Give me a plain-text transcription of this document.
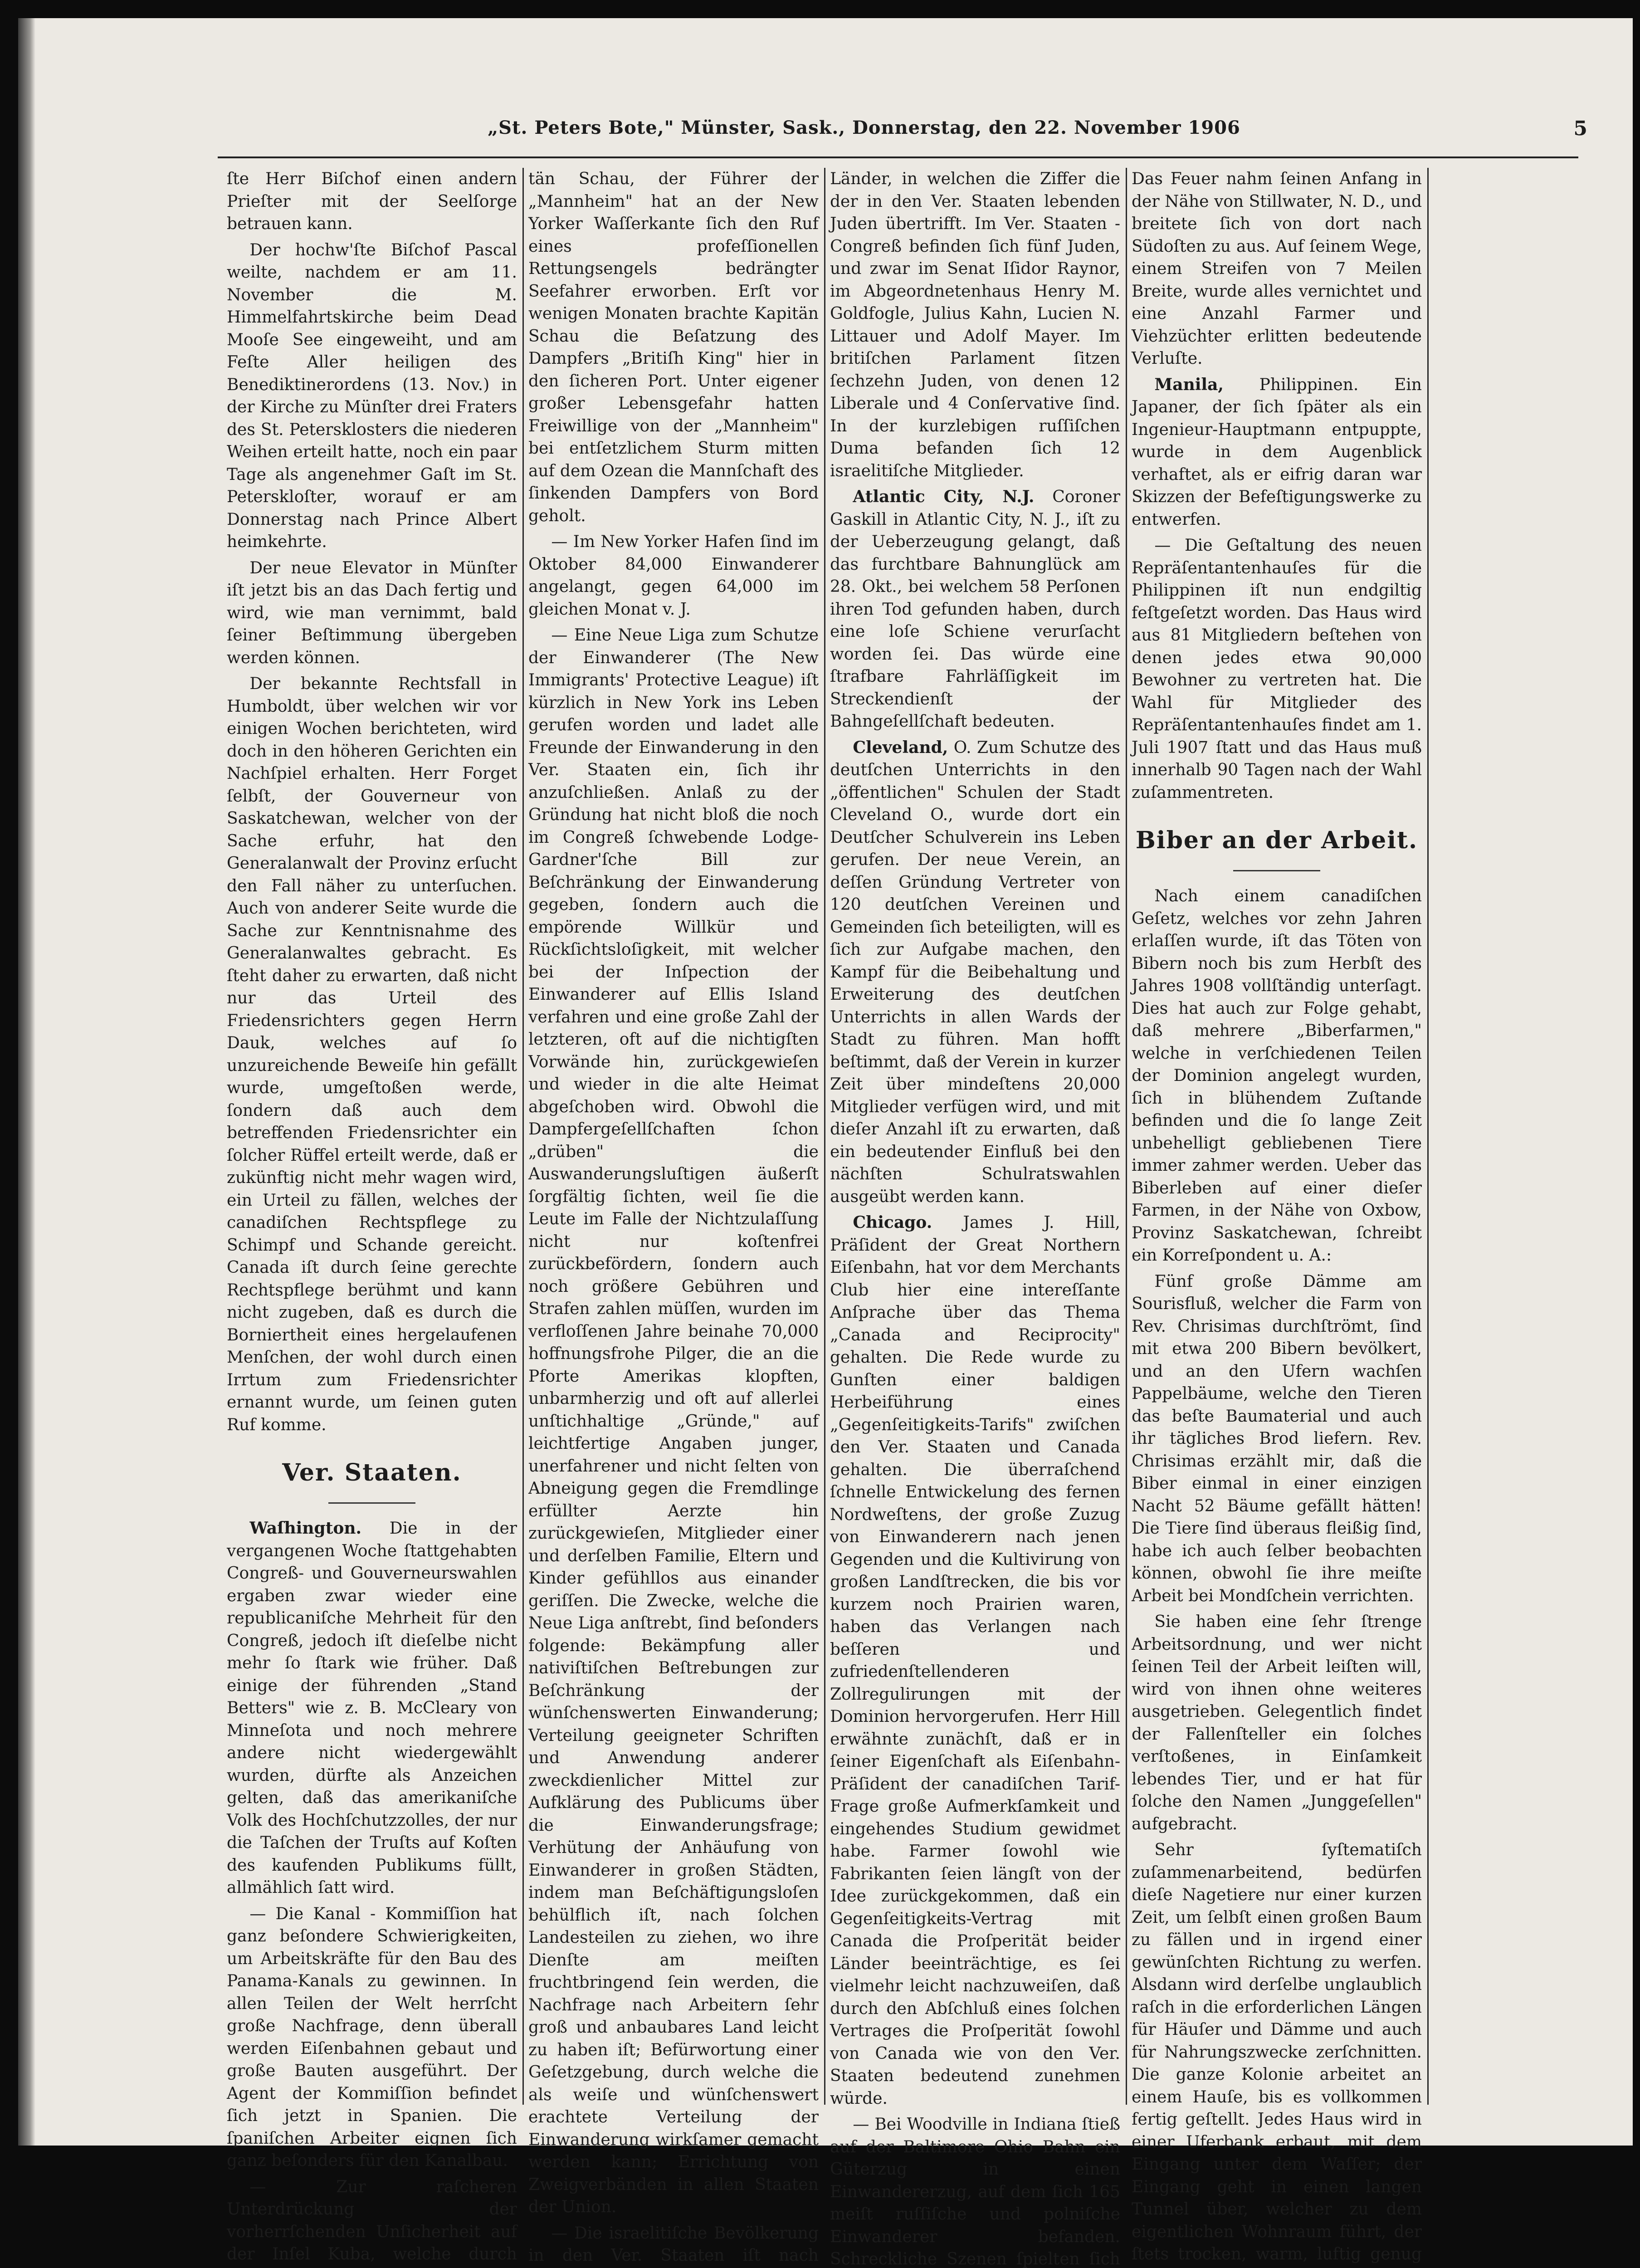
„St. Peters Bote," Münster, Sask., Donnerstag, den 22. November 1906	5

ſte Herr Biſchof einen andern Prieſter mit der Seelſorge betrauen kann.

Der hochw'ſte Biſchof Pascal weilte, nachdem er am 11. November die M. Himmelfahrtskirche beim Dead Mooſe See eingeweiht, und am Feſte Aller heiligen des Benediktinerordens (13. Nov.) in der Kirche zu Münſter drei Fraters des St. Petersklosters die niederen Weihen erteilt hatte, noch ein paar Tage als angenehmer Gaſt im St. Peterskloſter, worauf er am Donnerstag nach Prince Albert heimkehrte.

Der neue Elevator in Münſter iſt jetzt bis an das Dach fertig und wird, wie man vernimmt, bald ſeiner Beſtimmung übergeben werden können.

Der bekannte Rechtsfall in Humboldt, über welchen wir vor einigen Wochen berichteten, wird doch in den höheren Gerichten ein Nachſpiel erhalten. Herr Forget ſelbſt, der Gouverneur von Saskatchewan, welcher von der Sache erfuhr, hat den Generalanwalt der Provinz erſucht den Fall näher zu unterſuchen. Auch von anderer Seite wurde die Sache zur Kenntnisnahme des Generalanwaltes gebracht. Es ſteht daher zu erwarten, daß nicht nur das Urteil des Friedensrichters gegen Herrn Dauk, welches auf ſo unzureichende Beweiſe hin gefällt wurde, umgeſtoßen werde, ſondern daß auch dem betreffenden Friedensrichter ein ſolcher Rüffel erteilt werde, daß er zukünftig nicht mehr wagen wird, ein Urteil zu fällen, welches der canadiſchen Rechtspflege zu Schimpf und Schande gereicht. Canada iſt durch ſeine gerechte Rechtspflege berühmt und kann nicht zugeben, daß es durch die Borniertheit eines hergelaufenen Menſchen, der wohl durch einen Irrtum zum Friedensrichter ernannt wurde, um ſeinen guten Ruf komme.

Ver. Staaten.

Waſhington. Die in der vergangenen Woche ſtattgehabten Congreß- und Gouverneurswahlen ergaben zwar wieder eine republicaniſche Mehrheit für den Congreß, jedoch iſt dieſelbe nicht mehr ſo ſtark wie früher. Daß einige der führenden „Stand Betters" wie z. B. McCleary von Minneſota und noch mehrere andere nicht wiedergewählt wurden, dürfte als Anzeichen gelten, daß das amerikaniſche Volk des Hochſchutzzolles, der nur die Taſchen der Truſts auf Koſten des kaufenden Publikums füllt, allmählich ſatt wird.

— Die Kanal - Kommiſſion hat ganz beſondere Schwierigkeiten, um Arbeitskräfte für den Bau des Panama-Kanals zu gewinnen. In allen Teilen der Welt herrſcht große Nachfrage, denn überall werden Eiſenbahnen gebaut und große Bauten ausgeführt. Der Agent der Kommiſſion befindet ſich jetzt in Spanien. Die ſpaniſchen Arbeiter eignen ſich ganz beſonders für den Kanalbau.

— Zur raſcheren Unterdrückung der vorherrſchenden Unſicherheit auf der Inſel Kuba, welche durch

tän Schau, der Führer der „Mannheim" hat an der New Yorker Waſſerkante ſich den Ruf eines profeſſionellen Rettungsengels bedrängter Seefahrer erworben. Erſt vor wenigen Monaten brachte Kapitän Schau die Beſatzung des Dampfers „Britiſh King" hier in den ſicheren Port. Unter eigener großer Lebensgefahr hatten Freiwillige von der „Mannheim" bei entſetzlichem Sturm mitten auf dem Ozean die Mannſchaft des ſinkenden Dampfers von Bord geholt.

— Im New Yorker Hafen ſind im Oktober 84,000 Einwanderer angelangt, gegen 64,000 im gleichen Monat v. J.

— Eine Neue Liga zum Schutze der Einwanderer (The New Immigrants' Protective League) iſt kürzlich in New York ins Leben gerufen worden und ladet alle Freunde der Einwanderung in den Ver. Staaten ein, ſich ihr anzuſchließen. Anlaß zu der Gründung hat nicht bloß die noch im Congreß ſchwebende Lodge-Gardner'ſche Bill zur Beſchränkung der Einwanderung gegeben, ſondern auch die empörende Willkür und Rückſichtsloſigkeit, mit welcher bei der Inſpection der Einwanderer auf Ellis Island verfahren und eine große Zahl der letzteren, oft auf die nichtigſten Vorwände hin, zurückgewieſen und wieder in die alte Heimat abgeſchoben wird. Obwohl die Dampfergeſellſchaften ſchon „drüben" die Auswanderungsluſtigen äußerſt ſorgfältig ſichten, weil ſie die Leute im Falle der Nichtzulaſſung nicht nur koſtenfrei zurückbefördern, ſondern auch noch größere Gebühren und Strafen zahlen müſſen, wurden im verfloſſenen Jahre beinahe 70,000 hoffnungsfrohe Pilger, die an die Pforte Amerikas klopften, unbarmherzig und oft auf allerlei unſtichhaltige „Gründe," auf leichtfertige Angaben junger, unerfahrener und nicht ſelten von Abneigung gegen die Fremdlinge erfüllter Aerzte hin zurückgewieſen, Mitglieder einer und derſelben Familie, Eltern und Kinder gefühllos aus einander geriſſen. Die Zwecke, welche die Neue Liga anſtrebt, ſind beſonders folgende: Bekämpfung aller nativiſtiſchen Beſtrebungen zur Beſchränkung der wünſchenswerten Einwanderung; Verteilung geeigneter Schriften und Anwendung anderer zweckdienlicher Mittel zur Aufklärung des Publicums über die Einwanderungsfrage; Verhütung der Anhäufung von Einwanderer in großen Städten, indem man Beſchäftigungsloſen behülflich iſt, nach ſolchen Landesteilen zu ziehen, wo ihre Dienſte am meiſten fruchtbringend ſein werden, die Nachfrage nach Arbeitern ſehr groß und anbaubares Land leicht zu haben iſt; Befürwortung einer Geſetzgebung, durch welche die als weiſe und wünſchenswert erachtete Verteilung der Einwanderung wirkſamer gemacht werden kann; Errichtung von Zweigverbänden in allen Staaten der Union.

— Die israelitiſche Bevölkerung in den Ver. Staaten iſt nach

Länder, in welchen die Ziffer die der in den Ver. Staaten lebenden Juden übertrifft. Im Ver. Staaten - Congreß befinden ſich fünf Juden, und zwar im Senat Iſidor Raynor, im Abgeordnetenhaus Henry M. Goldfogle, Julius Kahn, Lucien N. Littauer und Adolf Mayer. Im britiſchen Parlament ſitzen ſechzehn Juden, von denen 12 Liberale und 4 Conſervative ſind. In der kurzlebigen ruſſiſchen Duma befanden ſich 12 israelitiſche Mitglieder.

Atlantic City, N.J. Coroner Gaskill in Atlantic City, N. J., iſt zu der Ueberzeugung gelangt, daß das furchtbare Bahnunglück am 28. Okt., bei welchem 58 Perſonen ihren Tod gefunden haben, durch eine loſe Schiene verurſacht worden ſei. Das würde eine ſtrafbare Fahrläſſigkeit im Streckendienſt der Bahngeſellſchaft bedeuten.

Cleveland, O. Zum Schutze des deutſchen Unterrichts in den „öffentlichen" Schulen der Stadt Cleveland O., wurde dort ein Deutſcher Schulverein ins Leben gerufen. Der neue Verein, an deſſen Gründung Vertreter von 120 deutſchen Vereinen und Gemeinden ſich beteiligten, will es ſich zur Aufgabe machen, den Kampf für die Beibehaltung und Erweiterung des deutſchen Unterrichts in allen Wards der Stadt zu führen. Man hofft beſtimmt, daß der Verein in kurzer Zeit über mindeſtens 20,000 Mitglieder verfügen wird, und mit dieſer Anzahl iſt zu erwarten, daß ein bedeutender Einfluß bei den nächſten Schulratswahlen ausgeübt werden kann.

Chicago. James J. Hill, Präſident der Great Northern Eiſenbahn, hat vor dem Merchants Club hier eine intereſſante Anſprache über das Thema „Canada and Reciprocity" gehalten. Die Rede wurde zu Gunſten einer baldigen Herbeiführung eines „Gegenſeitigkeits-Tarifs" zwiſchen den Ver. Staaten und Canada gehalten. Die überraſchend ſchnelle Entwickelung des fernen Nordweſtens, der große Zuzug von Einwanderern nach jenen Gegenden und die Kultivirung von großen Landſtrecken, die bis vor kurzem noch Prairien waren, haben das Verlangen nach beſſeren und zufriedenſtellenderen Zollregulirungen mit der Dominion hervorgerufen. Herr Hill erwähnte zunächſt, daß er in ſeiner Eigenſchaft als Eiſenbahn-Präſident der canadiſchen Tarif-Frage große Aufmerkſamkeit und eingehendes Studium gewidmet habe. Farmer ſowohl wie Fabrikanten ſeien längſt von der Idee zurückgekommen, daß ein Gegenſeitigkeits-Vertrag mit Canada die Proſperität beider Länder beeinträchtige, es ſei vielmehr leicht nachzuweiſen, daß durch den Abſchluß eines ſolchen Vertrages die Proſperität ſowohl von Canada wie von den Ver. Staaten bedeutend zunehmen würde.

— Bei Woodville in Indiana ſtieß auf der Baltimore Ohio Bahn ein Güterzug in einen Einwandererzug, auf dem ſich 165 meiſt ruſſiſche und polniſche Einwanderer befanden. Schreckliche Szenen ſpielten ſich

Das Feuer nahm ſeinen Anfang in der Nähe von Stillwater, N. D., und breitete ſich von dort nach Südoſten zu aus. Auf ſeinem Wege, einem Streifen von 7 Meilen Breite, wurde alles vernichtet und eine Anzahl Farmer und Viehzüchter erlitten bedeutende Verluſte.

Manila, Philippinen. Ein Japaner, der ſich ſpäter als ein Ingenieur-Hauptmann entpuppte, wurde in dem Augenblick verhaftet, als er eifrig daran war Skizzen der Befeſtigungswerke zu entwerfen.

— Die Geſtaltung des neuen Repräſentantenhauſes für die Philippinen iſt nun endgiltig feſtgeſetzt worden. Das Haus wird aus 81 Mitgliedern beſtehen von denen jedes etwa 90,000 Bewohner zu vertreten hat. Die Wahl für Mitglieder des Repräſentantenhauſes findet am 1. Juli 1907 ſtatt und das Haus muß innerhalb 90 Tagen nach der Wahl zuſammentreten.

Biber an der Arbeit.

Nach einem canadiſchen Geſetz, welches vor zehn Jahren erlaſſen wurde, iſt das Töten von Bibern noch bis zum Herbſt des Jahres 1908 vollſtändig unterſagt. Dies hat auch zur Folge gehabt, daß mehrere „Biberfarmen," welche in verſchiedenen Teilen der Dominion angelegt wurden, ſich in blühendem Zuſtande befinden und die ſo lange Zeit unbehelligt gebliebenen Tiere immer zahmer werden. Ueber das Biberleben auf einer dieſer Farmen, in der Nähe von Oxbow, Provinz Saskatchewan, ſchreibt ein Korreſpondent u. A.:

Fünf große Dämme am Sourisfluß, welcher die Farm von Rev. Chrisimas durchſtrömt, ſind mit etwa 200 Bibern bevölkert, und an den Ufern wachſen Pappelbäume, welche den Tieren das beſte Baumaterial und auch ihr tägliches Brod liefern. Rev. Chrisimas erzählt mir, daß die Biber einmal in einer einzigen Nacht 52 Bäume gefällt hätten! Die Tiere ſind überaus fleißig ſind, habe ich auch ſelber beobachten können, obwohl ſie ihre meiſte Arbeit bei Mondſchein verrichten.

Sie haben eine ſehr ſtrenge Arbeitsordnung, und wer nicht ſeinen Teil der Arbeit leiſten will, wird von ihnen ohne weiteres ausgetrieben. Gelegentlich findet der Fallenſteller ein ſolches verſtoßenes, in Einſamkeit lebendes Tier, und er hat für ſolche den Namen „Junggeſellen" aufgebracht.

Sehr ſyſtematiſch zuſammenarbeitend, bedürfen dieſe Nagetiere nur einer kurzen Zeit, um ſelbſt einen großen Baum zu fällen und in irgend einer gewünſchten Richtung zu werfen. Alsdann wird derſelbe unglaublich raſch in die erforderlichen Längen für Häuſer und Dämme und auch für Nahrungszwecke zerſchnitten. Die ganze Kolonie arbeitet an einem Hauſe, bis es vollkommen fertig geſtellt. Jedes Haus wird in einer Uferbank erbaut, mit dem Eingang unter dem Waſſer; der Eingang geht in einen langen Tunnel über, welcher zu dem eigentlichen Wohnraum führt, der ſtets trocken, warm, luftig genug
